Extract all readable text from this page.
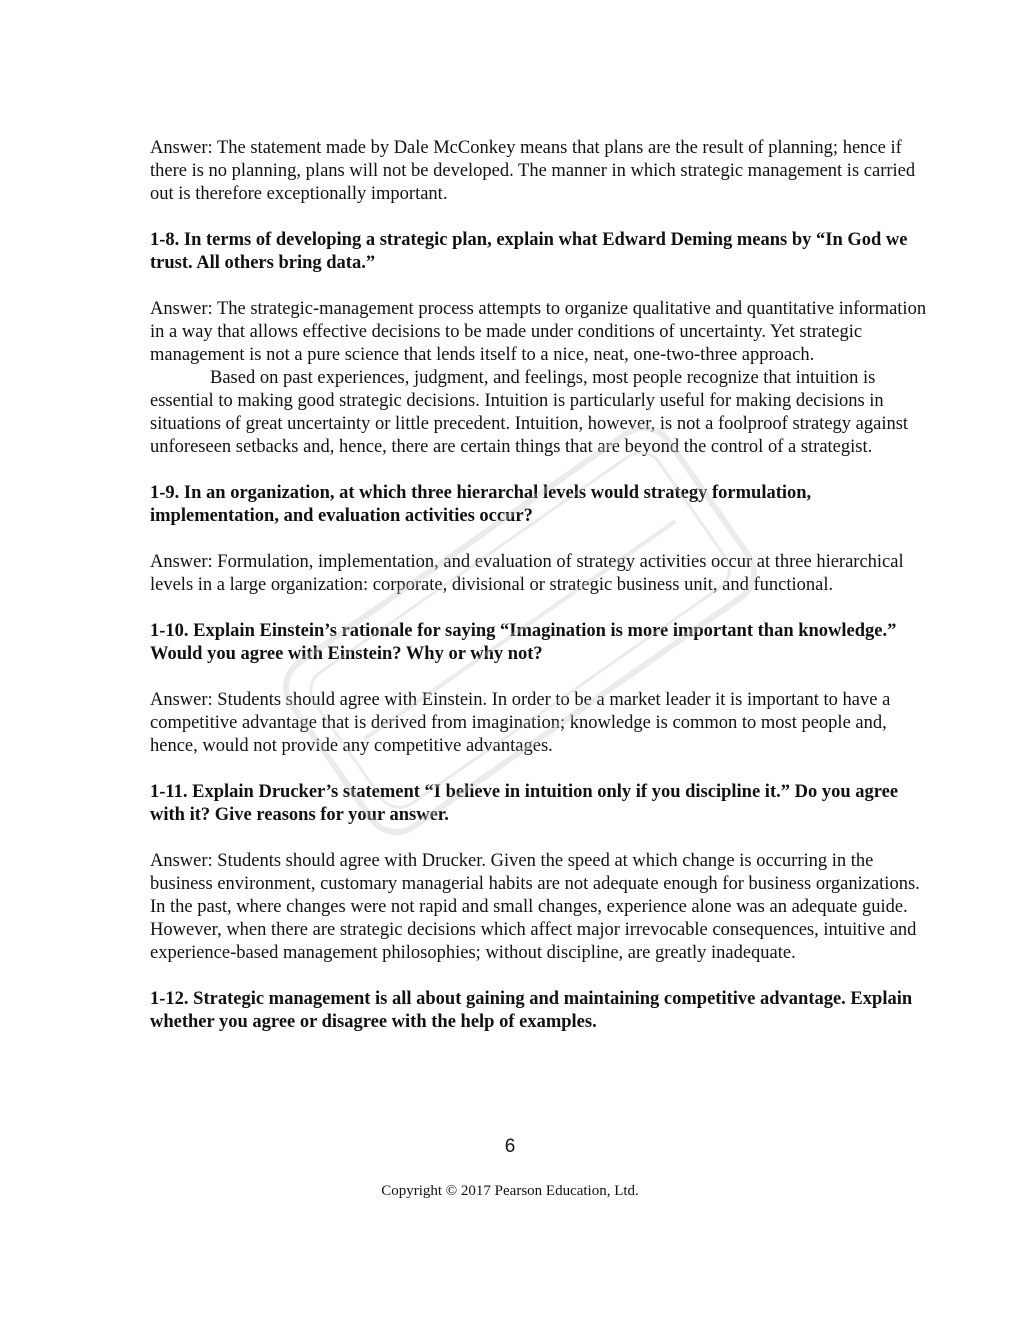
Answer: The statement made by Dale McConkey means that plans are the result of planning; hence if there is no planning, plans will not be developed. The manner in which strategic management is carried out is therefore exceptionally important.

1-8. In terms of developing a strategic plan, explain what Edward Deming means by “In God we trust. All others bring data.”

Answer: The strategic-management process attempts to organize qualitative and quantitative information in a way that allows effective decisions to be made under conditions of uncertainty. Yet strategic management is not a pure science that lends itself to a nice, neat, one-two-three approach.

Based on past experiences, judgment, and feelings, most people recognize that intuition is essential to making good strategic decisions. Intuition is particularly useful for making decisions in situations of great uncertainty or little precedent. Intuition, however, is not a foolproof strategy against unforeseen setbacks and, hence, there are certain things that are beyond the control of a strategist.

1-9. In an organization, at which three hierarchal levels would strategy formulation, implementation, and evaluation activities occur?

Answer: Formulation, implementation, and evaluation of strategy activities occur at three hierarchical levels in a large organization: corporate, divisional or strategic business unit, and functional.

1-10. Explain Einstein’s rationale for saying “Imagination is more important than knowledge.” Would you agree with Einstein? Why or why not?

Answer: Students should agree with Einstein. In order to be a market leader it is important to have a competitive advantage that is derived from imagination; knowledge is common to most people and, hence, would not provide any competitive advantages.

1-11. Explain Drucker’s statement “I believe in intuition only if you discipline it.” Do you agree with it? Give reasons for your answer.

Answer: Students should agree with Drucker. Given the speed at which change is occurring in the business environment, customary managerial habits are not adequate enough for business organizations. In the past, where changes were not rapid and small changes, experience alone was an adequate guide. However, when there are strategic decisions which affect major irrevocable consequences, intuitive and experience-based management philosophies; without discipline, are greatly inadequate.

1-12. Strategic management is all about gaining and maintaining competitive advantage. Explain whether you agree or disagree with the help of examples.

6
Copyright © 2017 Pearson Education, Ltd.
